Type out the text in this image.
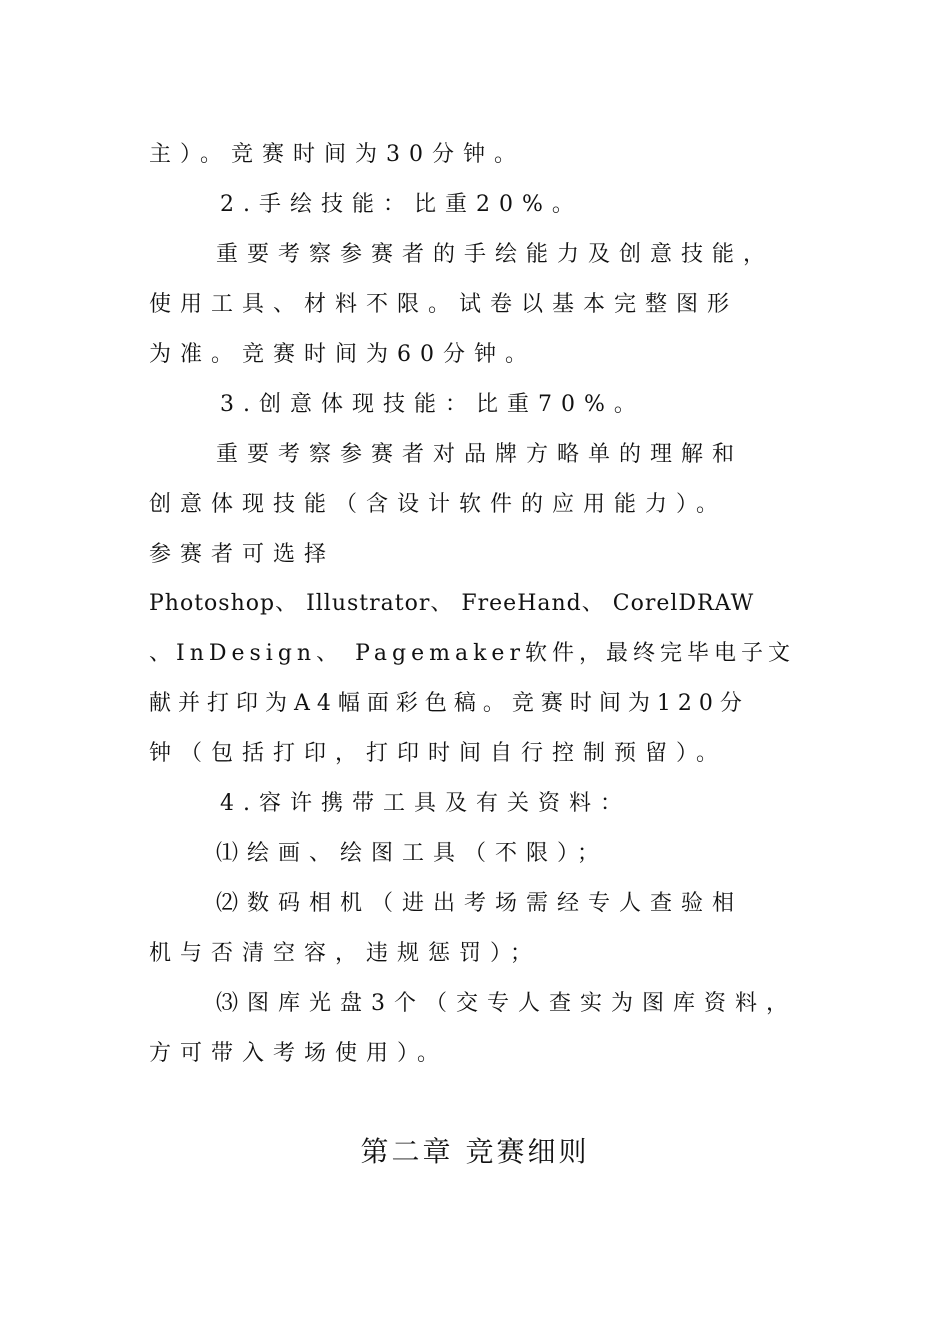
主）。竞赛时间为30分钟。
2.手绘技能：比重20%。
重要考察参赛者的手绘能力及创意技能，
使用工具、材料不限。试卷以基本完整图形
为准。竞赛时间为60分钟。
3.创意体现技能：比重70%。
重要考察参赛者对品牌方略单的理解和
创意体现技能（含设计软件的应用能力）。
参赛者可选择
Photoshop、 Illustrator、 FreeHand、 CorelDRAW
、InDesign、 Pagemaker软件，最终完毕电子文
献并打印为A4幅面彩色稿。竞赛时间为120分
钟（包括打印，打印时间自行控制预留）。
4.容许携带工具及有关资料：
⑴绘画、绘图工具（不限）；
⑵数码相机（进出考场需经专人查验相
机与否清空容，违规惩罚）；
⑶图库光盘3个（交专人查实为图库资料，
方可带入考场使用）。
第二章 竞赛细则
